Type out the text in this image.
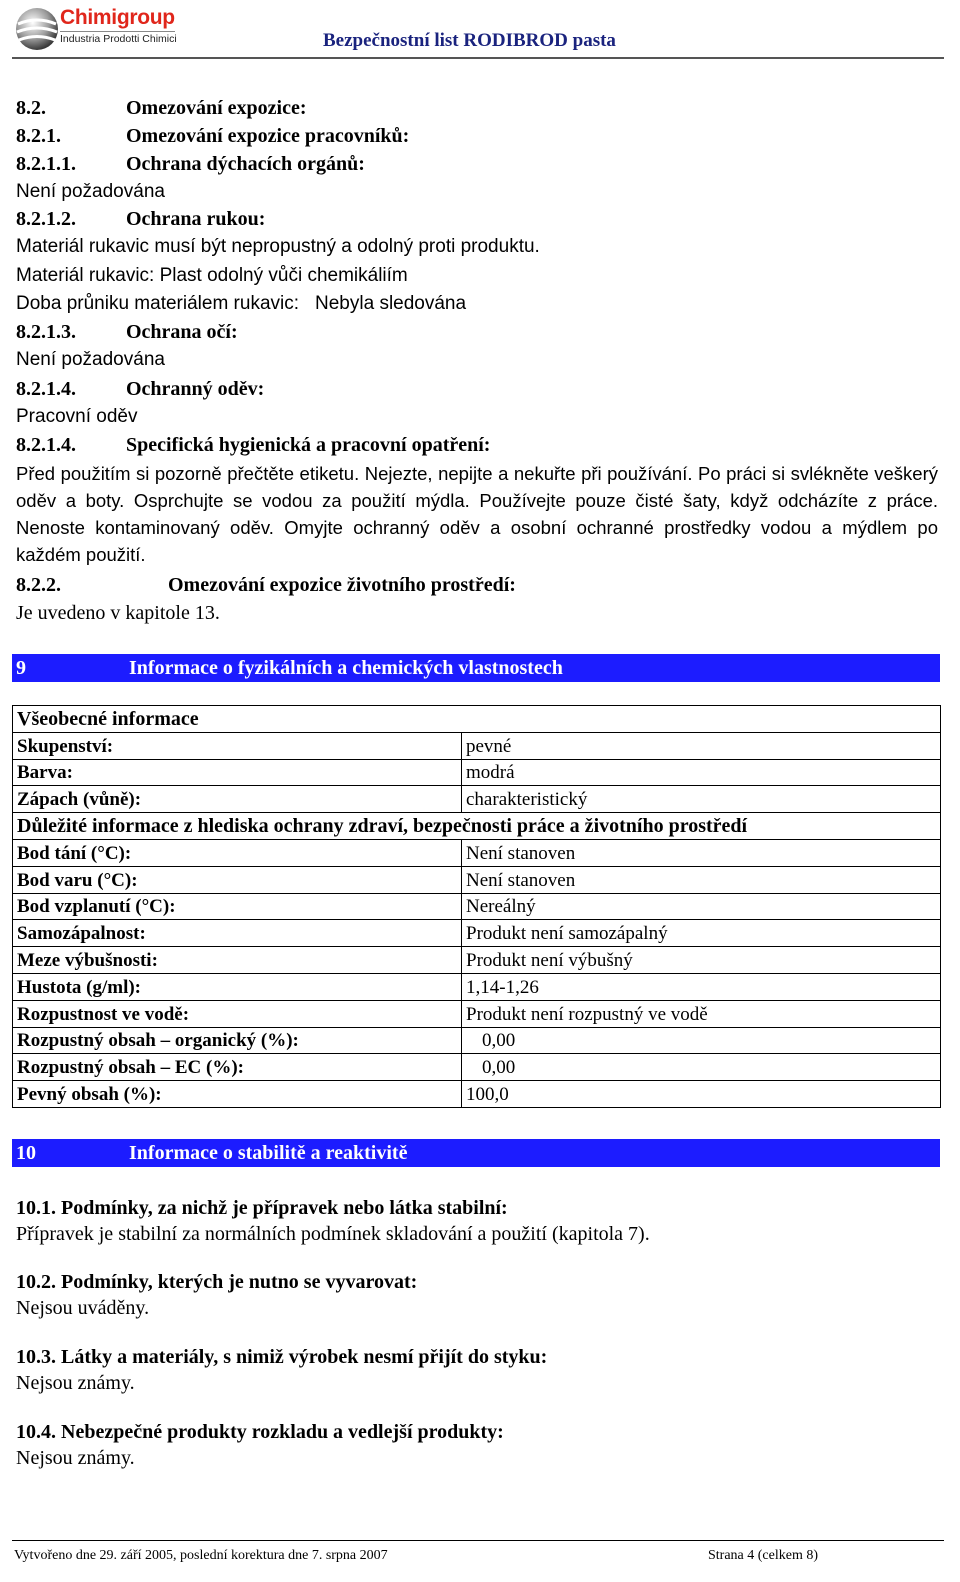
Chimigroup
Industria Prodotti Chimici	Bezpečnostní list RODIBROD pasta
8.2.	Omezování expozice:
8.2.1.	Omezování expozice pracovníků:
8.2.1.1.	Ochrana dýchacích orgánů:
Není požadována
8.2.1.2.	Ochrana rukou:
Materiál rukavic musí být nepropustný a odolný proti produktu.
Materiál rukavic: Plast odolný vůči chemikáliím
Doba průniku materiálem rukavic: Nebyla sledována
8.2.1.3.	Ochrana očí:
Není požadována
8.2.1.4.	Ochranný oděv:
Pracovní oděv
8.2.1.4.	Specifická hygienická a pracovní opatření:
Před použitím si pozorně přečtěte etiketu. Nejezte, nepijte a nekuřte při používání. Po práci si svlékněte veškerý oděv a boty. Osprchujte se vodou za použití mýdla. Používejte pouze čisté šaty, když odcházíte z práce. Nenoste kontaminovaný oděv. Omyjte ochranný oděv a osobní ochranné prostředky vodou a mýdlem po každém použití.
8.2.2.	Omezování expozice životního prostředí:
Je uvedeno v kapitole 13.
9	Informace o fyzikálních a chemických vlastnostech
Všeobecné informace	
Skupenství:	pevné
Barva:	modrá
Zápach (vůně):	charakteristický
Důležité informace z hlediska ochrany zdraví, bezpečnosti práce a životního prostředí	
Bod tání (°C):	Není stanoven
Bod varu (°C):	Není stanoven
Bod vzplanutí (°C):	Nereálný
Samozápalnost:	Produkt není samozápalný
Meze výbušnosti:	Produkt není výbušný
Hustota (g/ml):	1,14-1,26
Rozpustnost ve vodě:	Produkt není rozpustný ve vodě
Rozpustný obsah – organický (%):	0,00
Rozpustný obsah – EC (%):	0,00
Pevný obsah (%):	100,0
10	Informace o stabilitě a reaktivitě
10.1. Podmínky, za nichž je přípravek nebo látka stabilní:
Přípravek je stabilní za normálních podmínek skladování a použití (kapitola 7).
10.2. Podmínky, kterých je nutno se vyvarovat:
Nejsou uváděny.
10.3. Látky a materiály, s nimiž výrobek nesmí přijít do styku:
Nejsou známy.
10.4. Nebezpečné produkty rozkladu a vedlejší produkty:
Nejsou známy.
Vytvořeno dne 29. září 2005, poslední korektura dne 7. srpna 2007	Strana 4 (celkem 8)
